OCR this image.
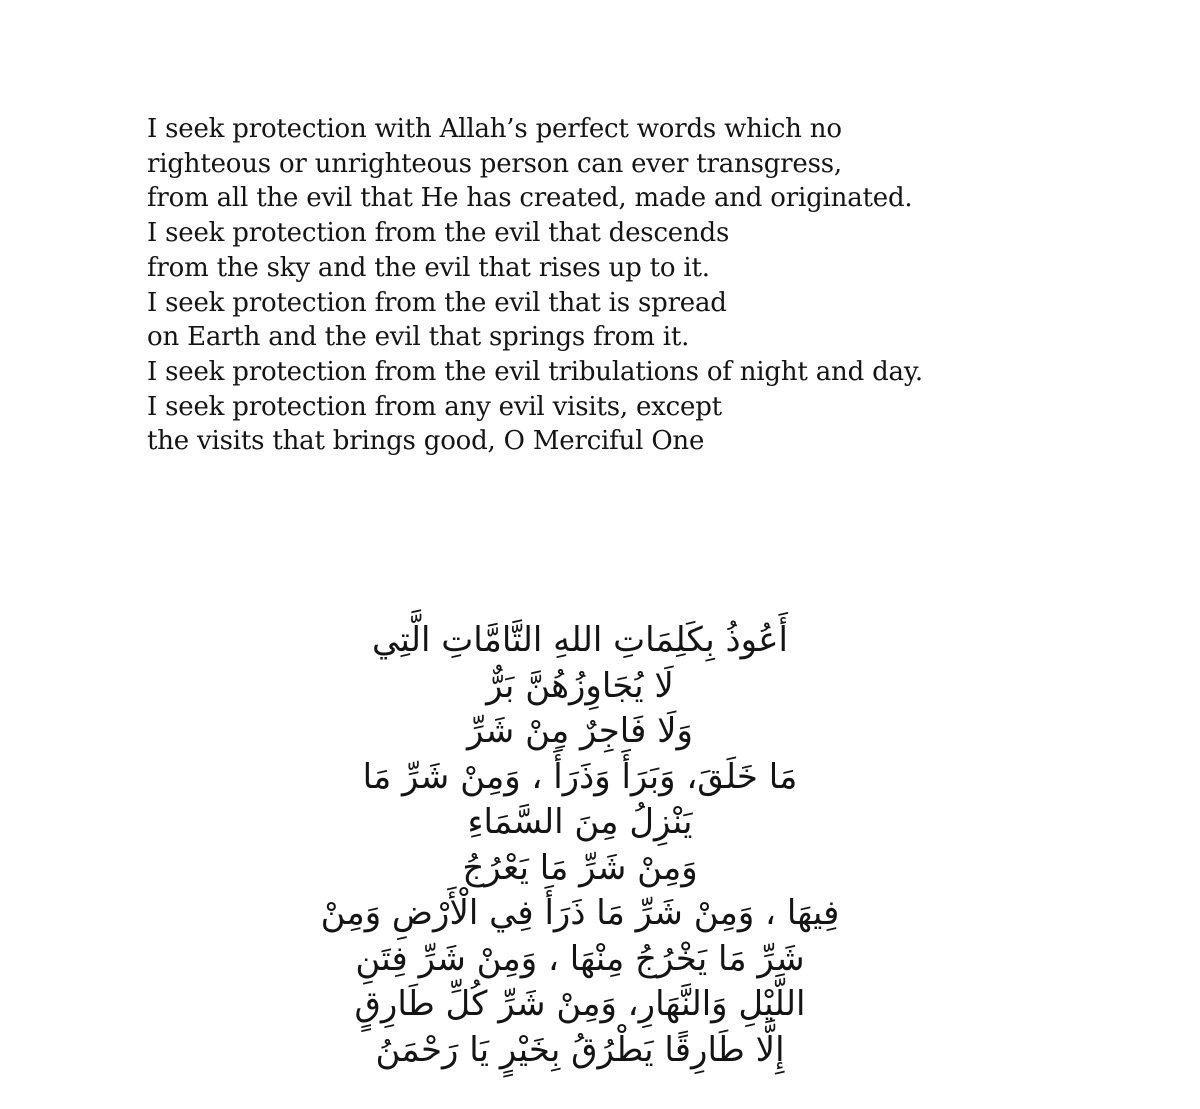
I seek protection with Allah’s perfect words which no
righteous or unrighteous person can ever transgress,
from all the evil that He has created, made and originated.
I seek protection from the evil that descends
from the sky and the evil that rises up to it.
I seek protection from the evil that is spread
on Earth and the evil that springs from it.
I seek protection from the evil tribulations of night and day.
I seek protection from any evil visits, except
the visits that brings good, O Merciful One
أَعُوذُ بِكَلِمَاتِ اللهِ التَّامَّاتِ الَّتِي
لَا يُجَاوِزُهُنَّ بَرٌّ
وَلَا فَاجِرٌ مِنْ شَرِّ
مَا خَلَقَ، وَبَرَأَ وَذَرَأَ ، وَمِنْ شَرِّ مَا
يَنْزِلُ مِنَ السَّمَاءِ
وَمِنْ شَرِّ مَا يَعْرُجُ
فِيهَا ، وَمِنْ شَرِّ مَا ذَرَأَ فِي الْأَرْضِ وَمِنْ
شَرِّ مَا يَخْرُجُ مِنْهَا ، وَمِنْ شَرِّ فِتَنِ
اللَّيْلِ وَالنَّهَارِ، وَمِنْ شَرِّ كُلِّ طَارِقٍ
إِلَّا طَارِقًا يَطْرُقُ بِخَيْرٍ يَا رَحْمَنُ
